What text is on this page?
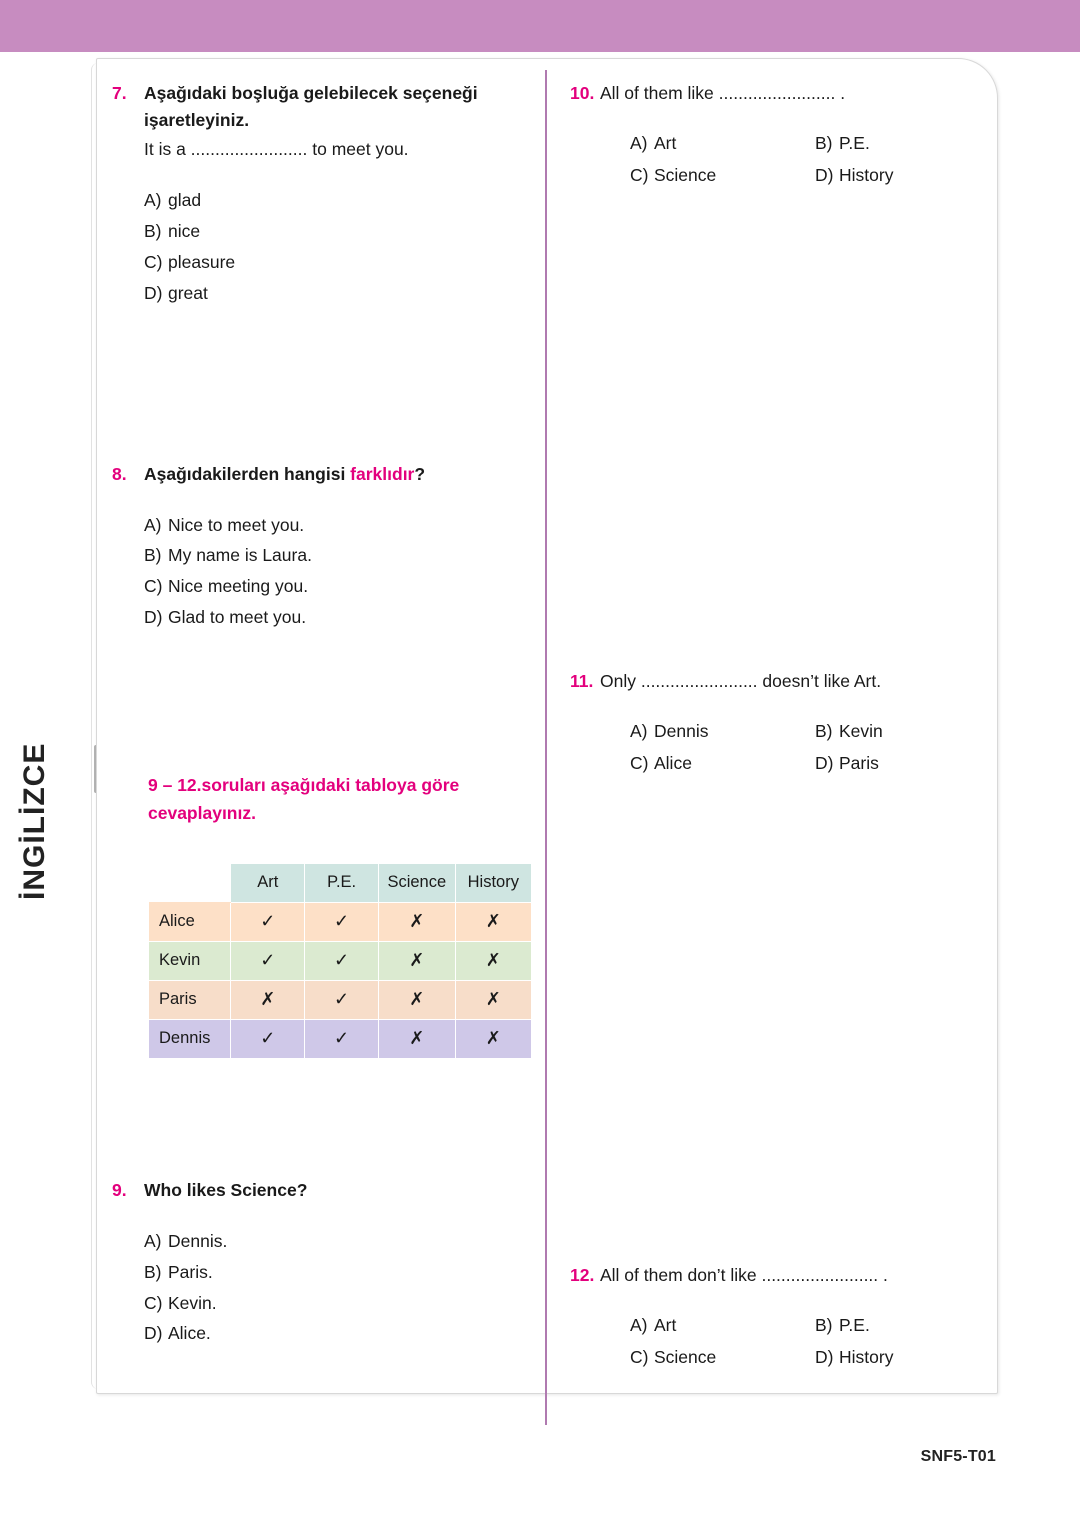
İNGİLİZCE
7. Aşağıdaki boşluğa gelebilecek seçeneği işaretleyiniz.
It is a ........................ to meet you.
A) glad
B) nice
C) pleasure
D) great
8. Aşağıdakilerden hangisi farklıdır?
A) Nice to meet you.
B) My name is Laura.
C) Nice meeting you.
D) Glad to meet you.
9 – 12.soruları aşağıdaki tabloya göre cevaplayınız.
	Art	P.E.	Science	History
Alice	✓	✓	✗	✗
Kevin	✓	✓	✗	✗
Paris	✗	✓	✗	✗
Dennis	✓	✓	✗	✗
9. Who likes Science?
A) Dennis.
B) Paris.
C) Kevin.
D) Alice.
10. All of them like ........................ .
A) Art	B) P.E.
C) Science	D) History
11. Only ........................ doesn’t like Art.
A) Dennis	B) Kevin
C) Alice	D) Paris
12. All of them don’t like ........................ .
A) Art	B) P.E.
C) Science	D) History
SNF5-T01
